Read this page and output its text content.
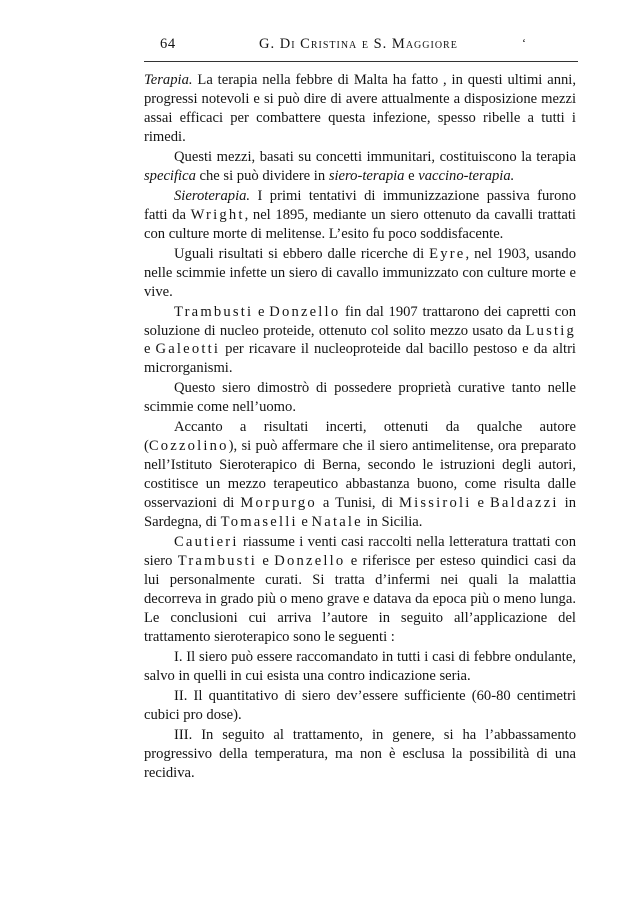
64	G. Di Cristina e S. Maggiore	‘

Terapia. La terapia nella febbre di Malta ha fatto , in questi ultimi anni, progressi notevoli e si può dire di avere attualmente a disposizione mezzi assai efficaci per combattere questa infezione, spesso ribelle a tutti i rimedi.

Questi mezzi, basati su concetti immunitari, costituiscono la terapia specifica che si può dividere in siero-terapia e vaccino-terapia.

Sieroterapia. I primi tentativi di immunizzazione passiva furono fatti da Wright, nel 1895, mediante un siero ottenuto da cavalli trattati con culture morte di melitense. L’esito fu poco soddisfacente.

Uguali risultati si ebbero dalle ricerche di Eyre, nel 1903, usando nelle scimmie infette un siero di cavallo immunizzato con culture morte e vive.

Trambusti e Donzello fin dal 1907 trattarono dei capretti con soluzione di nucleo proteide, ottenuto col solito mezzo usato da Lustig e Galeotti per ricavare il nucleoproteide dal bacillo pestoso e da altri microrganismi.

Questo siero dimostrò di possedere proprietà curative tanto nelle scimmie come nell’uomo.

Accanto a risultati incerti, ottenuti da qualche autore (Cozzolino), si può affermare che il siero antimelitense, ora preparato nell’Istituto Sieroterapico di Berna, secondo le istruzioni degli autori, costitisce un mezzo terapeutico abbastanza buono, come risulta dalle osservazioni di Morpurgo a Tunisi, di Missiroli e Baldazzi in Sardegna, di Tomaselli e Natale in Sicilia.

Cautieri riassume i venti casi raccolti nella letteratura trattati con siero Trambusti e Donzello e riferisce per esteso quindici casi da lui personalmente curati. Si tratta d’infermi nei quali la malattia decorreva in grado più o meno grave e datava da epoca più o meno lunga. Le conclusioni cui arriva l’autore in seguito all’applicazione del trattamento sieroterapico sono le seguenti :

I. Il siero può essere raccomandato in tutti i casi di febbre ondulante, salvo in quelli in cui esista una contro indicazione seria.

II. Il quantitativo di siero dev’essere sufficiente (60-80 centimetri cubici pro dose).

III. In seguito al trattamento, in genere, si ha l’abbassamento progressivo della temperatura, ma non è esclusa la possibilità di una recidiva.
